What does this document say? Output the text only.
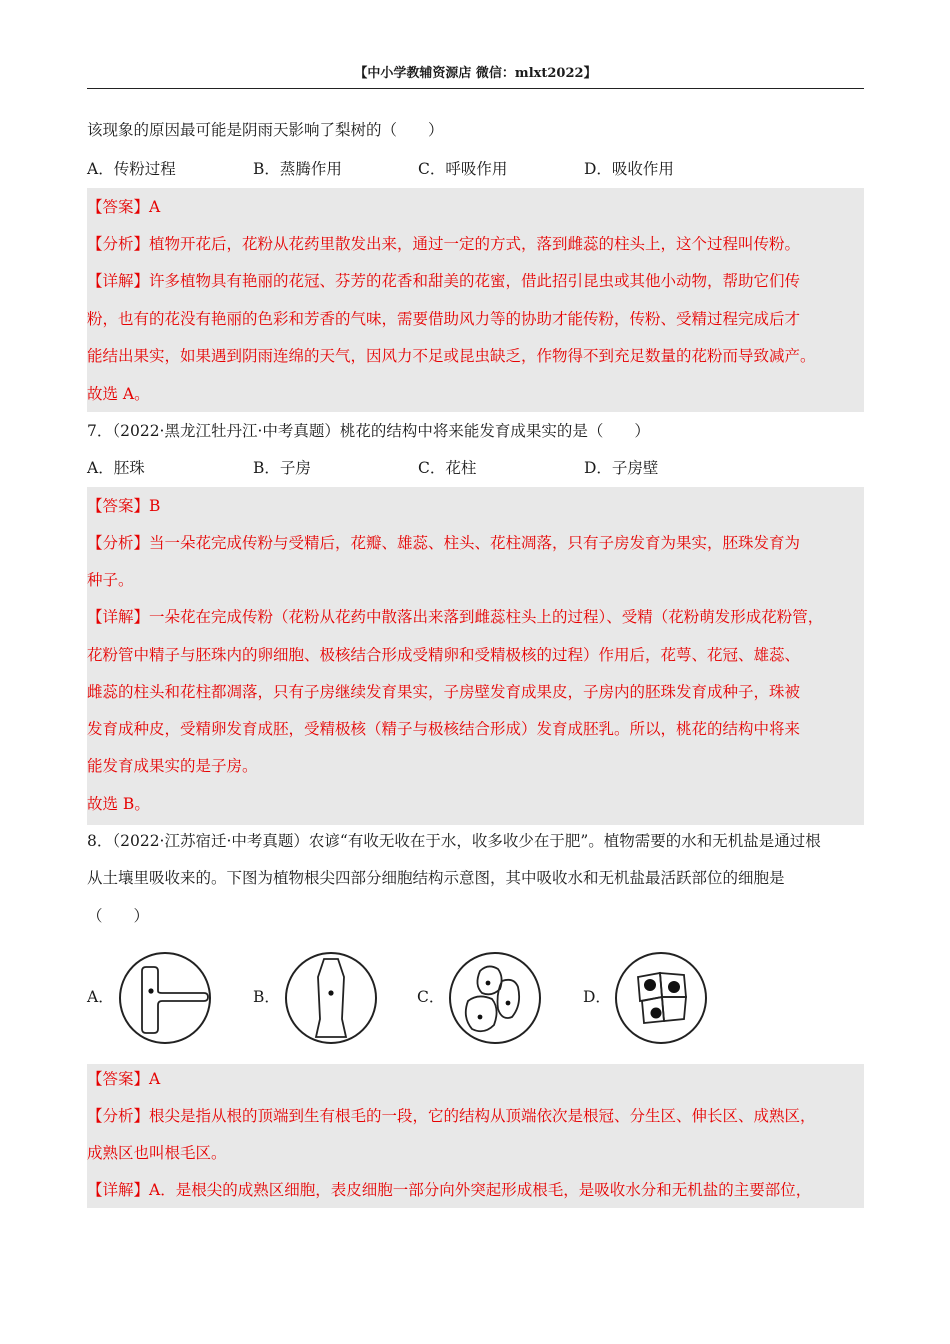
【中小学教辅资源店 微信：mlxt2022】
该现象的原因最可能是阴雨天影响了梨树的（　　）
A．传粉过程	B．蒸腾作用	C．呼吸作用	D．吸收作用
【答案】A
【分析】植物开花后，花粉从花药里散发出来，通过一定的方式，落到雌蕊的柱头上，这个过程叫传粉。
【详解】许多植物具有艳丽的花冠、芬芳的花香和甜美的花蜜，借此招引昆虫或其他小动物，帮助它们传
粉，也有的花没有艳丽的色彩和芳香的气味，需要借助风力等的协助才能传粉，传粉、受精过程完成后才
能结出果实，如果遇到阴雨连绵的天气，因风力不足或昆虫缺乏，作物得不到充足数量的花粉而导致减产。
故选 A。
7．（2022·黑龙江牡丹江·中考真题）桃花的结构中将来能发育成果实的是（　　）
A．胚珠	B．子房	C．花柱	D．子房壁
【答案】B
【分析】当一朵花完成传粉与受精后，花瓣、雄蕊、柱头、花柱凋落，只有子房发育为果实，胚珠发育为
种子。
【详解】一朵花在完成传粉（花粉从花药中散落出来落到雌蕊柱头上的过程）、受精（花粉萌发形成花粉管，
花粉管中精子与胚珠内的卵细胞、极核结合形成受精卵和受精极核的过程）作用后，花萼、花冠、雄蕊、
雌蕊的柱头和花柱都凋落，只有子房继续发育果实，子房壁发育成果皮，子房内的胚珠发育成种子，珠被
发育成种皮，受精卵发育成胚，受精极核（精子与极核结合形成）发育成胚乳。所以，桃花的结构中将来
能发育成果实的是子房。
故选 B。
8．（2022·江苏宿迁·中考真题）农谚“有收无收在于水，收多收少在于肥”。植物需要的水和无机盐是通过根
从土壤里吸收来的。下图为植物根尖四部分细胞结构示意图，其中吸收水和无机盐最活跃部位的细胞是
（　　）
A．	B．	C．	D．
【答案】A
【分析】根尖是指从根的顶端到生有根毛的一段，它的结构从顶端依次是根冠、分生区、伸长区、成熟区，
成熟区也叫根毛区。
【详解】A．是根尖的成熟区细胞，表皮细胞一部分向外突起形成根毛，是吸收水分和无机盐的主要部位，
